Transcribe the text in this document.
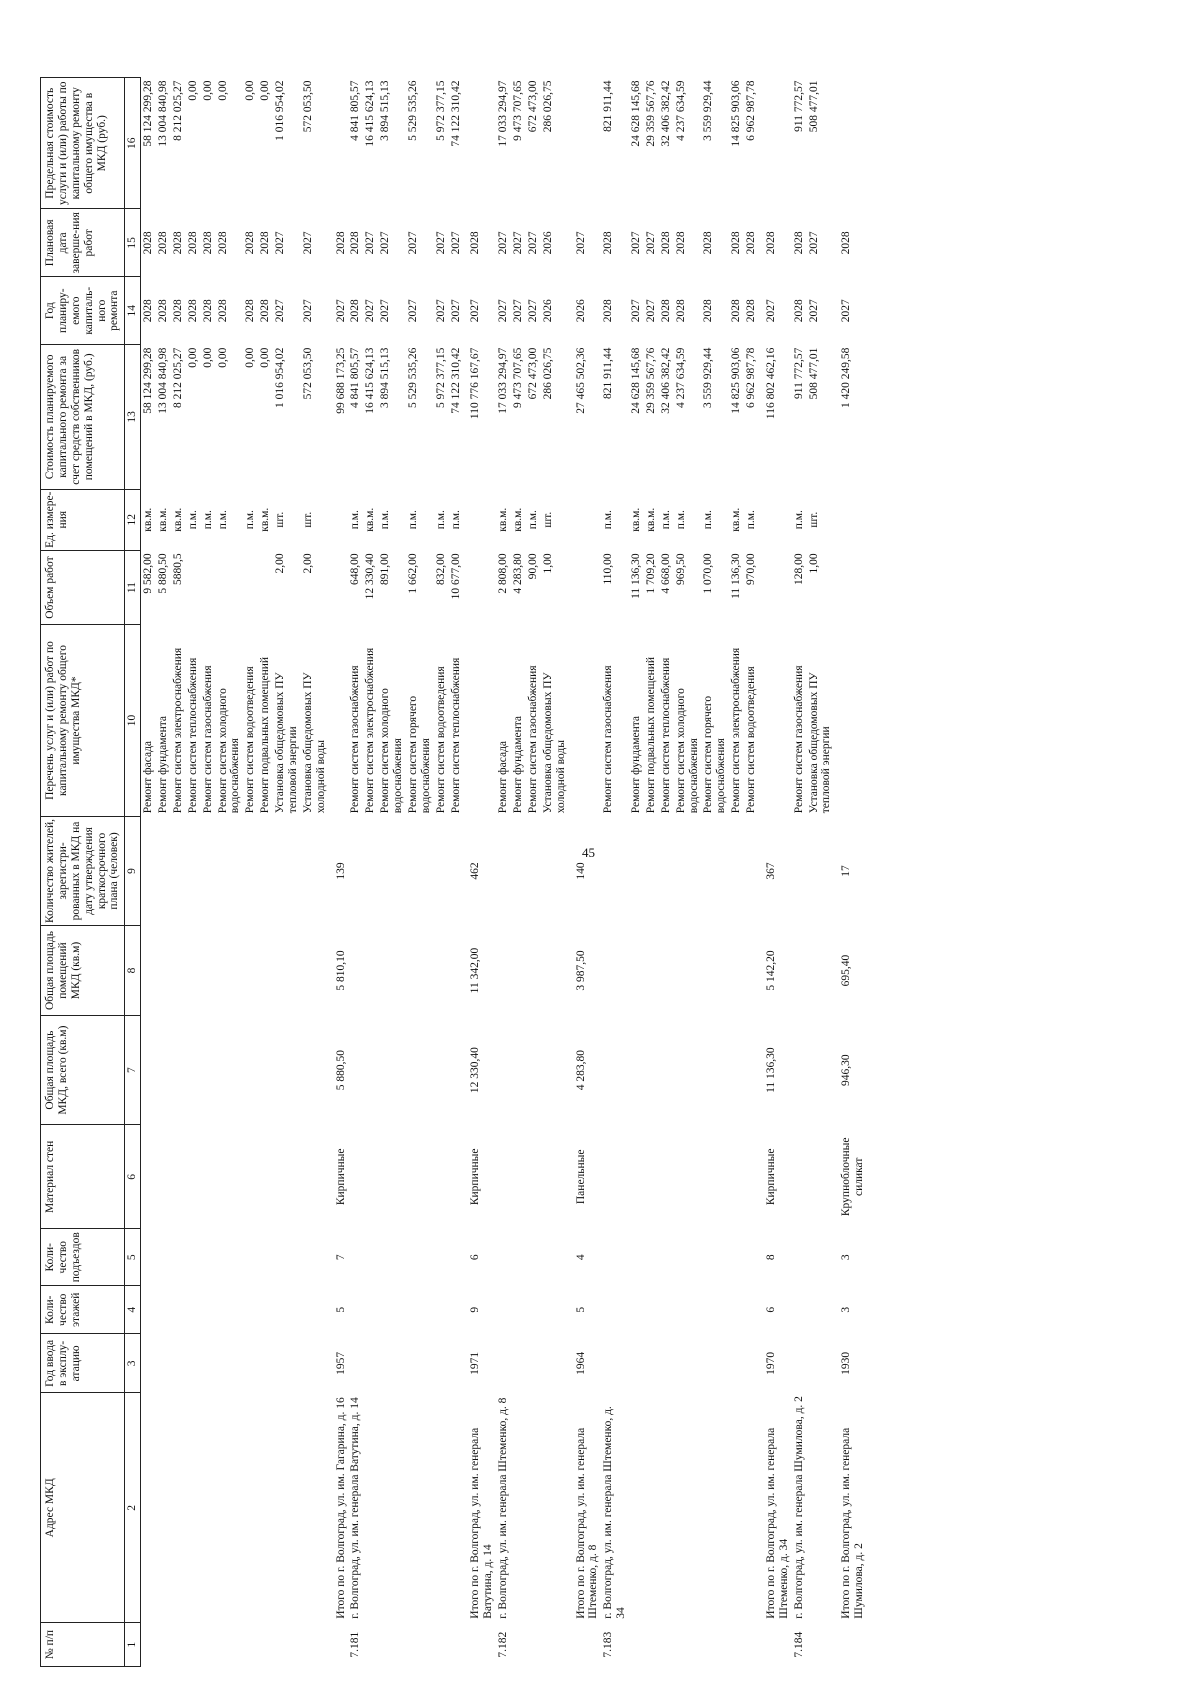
45
№ п/п	Адрес МКД	Год ввода в эксплу-атацию	Коли-чество этажей	Коли-чество подъездов	Материал стен	Общая площадь МКД, всего (кв.м)	Общая площадь помещений МКД (кв.м)	Количество жителей, зарегистри-рованных в МКД на дату утверждения краткосрочного плана (человек)	Перечень услуг и (или) работ по капитальному ремонту общего имущества МКД*	Объем работ	Ед. измере-ния	Стоимость планируемого капитального ремонта за счет средств собственников помещений в МКД, (руб.)	Год планиру-емого капиталь-ного ремонта	Плановая дата заверше-ния работ	Предельная стоимость услуги и (или) работы по капитальному ремонту общего имущества в МКД (руб.)
1	2	3	4	5	6	7	8	9	10	11	12	13	14	15	16
									Ремонт фасада	9 582,00	кв.м.	58 124 299,28	2028	2028	58 124 299,28
									Ремонт фундамента	5 880,50	кв.м.	13 004 840,98	2028	2028	13 004 840,98
									Ремонт систем электроснабжения	5880,5	кв.м.	8 212 025,27	2028	2028	8 212 025,27
									Ремонт систем теплоснабжения		п.м.	0,00	2028	2028	0,00
									Ремонт систем газоснабжения		п.м.	0,00	2028	2028	0,00
									Ремонт систем холодного водоснабжения		п.м.	0,00	2028	2028	0,00
									Ремонт систем водоотведения		п.м.	0,00	2028	2028	0,00
									Ремонт подвальных помещений		кв.м.	0,00	2028	2028	0,00
									Установка общедомовых ПУ тепловой энергии	2,00	шт.	1 016 954,02	2027	2027	1 016 954,02
									Установка общедомовых ПУ холодной воды	2,00	шт.	572 053,50	2027	2027	572 053,50
	Итого по г. Волгоград, ул. им. Гагарина, д. 16	1957	5	7	Кирпичные	5 880,50	5 810,10	139				99 688 173,25	2027	2028	
7.181	г. Волгоград, ул. им. генерала Ватутина, д. 14								Ремонт систем газоснабжения	648,00	п.м.	4 841 805,57	2028	2028	4 841 805,57
									Ремонт систем электроснабжения	12 330,40	кв.м.	16 415 624,13	2027	2027	16 415 624,13
									Ремонт систем холодного водоснабжения	891,00	п.м.	3 894 515,13	2027	2027	3 894 515,13
									Ремонт систем горячего водоснабжения	1 662,00	п.м.	5 529 535,26	2027	2027	5 529 535,26
									Ремонт систем водоотведения	832,00	п.м.	5 972 377,15	2027	2027	5 972 377,15
									Ремонт систем теплоснабжения	10 677,00	п.м.	74 122 310,42	2027	2027	74 122 310,42
	Итого по г. Волгоград, ул. им. генерала Ватутина, д. 14	1971	9	6	Кирпичные	12 330,40	11 342,00	462				110 776 167,67	2027	2028	
7.182	г. Волгоград, ул. им. генерала Штеменко, д. 8								Ремонт фасада	2 808,00	кв.м.	17 033 294,97	2027	2027	17 033 294,97
									Ремонт фундамента	4 283,80	кв.м.	9 473 707,65	2027	2027	9 473 707,65
									Ремонт систем газоснабжения	90,00	п.м.	672 473,00	2027	2027	672 473,00
									Установка общедомовых ПУ холодной воды	1,00	шт.	286 026,75	2026	2026	286 026,75
	Итого по г. Волгоград, ул. им. генерала Штеменко, д. 8	1964	5	4	Панельные	4 283,80	3 987,50	140				27 465 502,36	2026	2027	
7.183	г. Волгоград, ул. им. генерала Штеменко, д. 34								Ремонт систем газоснабжения	110,00	п.м.	821 911,44	2028	2028	821 911,44
									Ремонт фундамента	11 136,30	кв.м.	24 628 145,68	2027	2027	24 628 145,68
									Ремонт подвальных помещений	1 709,20	кв.м.	29 359 567,76	2027	2027	29 359 567,76
									Ремонт систем теплоснабжения	4 668,00	п.м.	32 406 382,42	2028	2028	32 406 382,42
									Ремонт систем холодного водоснабжения	969,50	п.м.	4 237 634,59	2028	2028	4 237 634,59
									Ремонт систем горячего водоснабжения	1 070,00	п.м.	3 559 929,44	2028	2028	3 559 929,44
									Ремонт систем электроснабжения	11 136,30	кв.м.	14 825 903,06	2028	2028	14 825 903,06
									Ремонт систем водоотведения	970,00	п.м.	6 962 987,78	2028	2028	6 962 987,78
	Итого по г. Волгоград, ул. им. генерала Штеменко, д. 34	1970	6	8	Кирпичные	11 136,30	5 142,20	367				116 802 462,16	2027	2028	
7.184	г. Волгоград, ул. им. генерала Шумилова, д. 2								Ремонт систем газоснабжения	128,00	п.м.	911 772,57	2028	2028	911 772,57
									Установка общедомовых ПУ тепловой энергии	1,00	шт.	508 477,01	2027	2027	508 477,01
	Итого по г. Волгоград, ул. им. генерала Шумилова, д. 2	1930	3	3	Крупноблочные силикат	946,30	695,40	17				1 420 249,58	2027	2028	
